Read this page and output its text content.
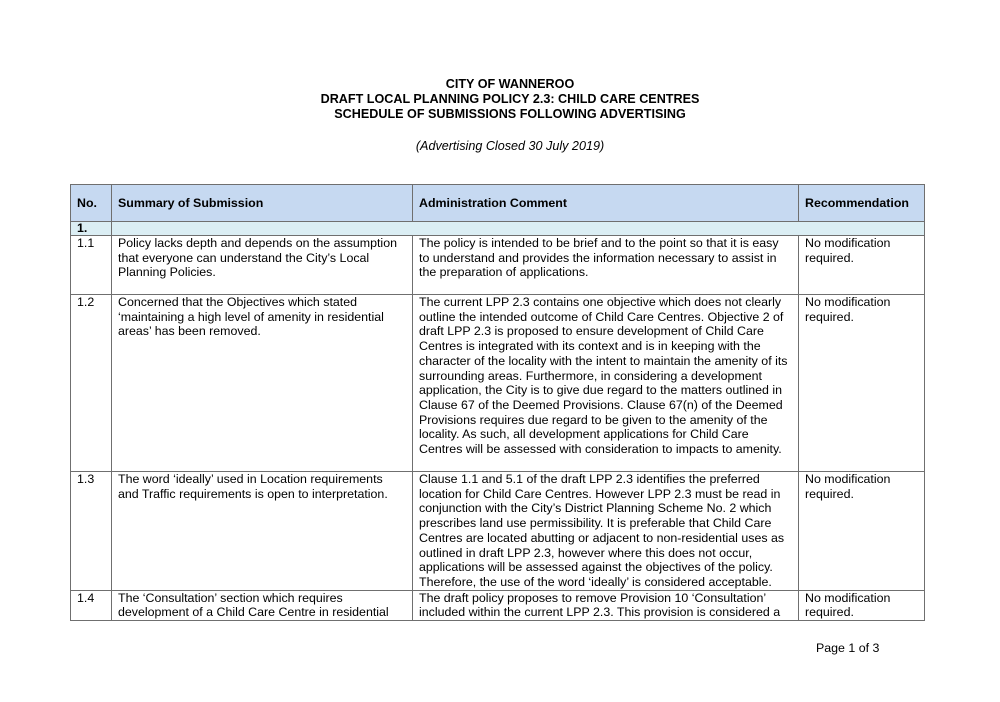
CITY OF WANNEROO
DRAFT LOCAL PLANNING POLICY 2.3: CHILD CARE CENTRES
SCHEDULE OF SUBMISSIONS FOLLOWING ADVERTISING
(Advertising Closed 30 July 2019)
No.	Summary of Submission	Administration Comment	Recommendation
1.			
1.1	Policy lacks depth and depends on the assumption that everyone can understand the City’s Local Planning Policies.	The policy is intended to be brief and to the point so that it is easy to understand and provides the information necessary to assist in the preparation of applications.	No modification required.
1.2	Concerned that the Objectives which stated ‘maintaining a high level of amenity in residential areas’ has been removed.	The current LPP 2.3 contains one objective which does not clearly outline the intended outcome of Child Care Centres. Objective 2 of draft LPP 2.3 is proposed to ensure development of Child Care Centres is integrated with its context and is in keeping with the character of the locality with the intent to maintain the amenity of its surrounding areas. Furthermore, in considering a development application, the City is to give due regard to the matters outlined in Clause 67 of the Deemed Provisions. Clause 67(n) of the Deemed Provisions requires due regard to be given to the amenity of the locality. As such, all development applications for Child Care Centres will be assessed with consideration to impacts to amenity.	No modification required.
1.3	The word ‘ideally’ used in Location requirements and Traffic requirements is open to interpretation.	Clause 1.1 and 5.1 of the draft LPP 2.3 identifies the preferred location for Child Care Centres. However LPP 2.3 must be read in conjunction with the City’s District Planning Scheme No. 2 which prescribes land use permissibility. It is preferable that Child Care Centres are located abutting or adjacent to non-residential uses as outlined in draft LPP 2.3, however where this does not occur, applications will be assessed against the objectives of the policy. Therefore, the use of the word ‘ideally’ is considered acceptable.	No modification required.
1.4	The ‘Consultation’ section which requires development of a Child Care Centre in residential	The draft policy proposes to remove Provision 10 ‘Consultation’ included within the current LPP 2.3. This provision is considered a	No modification required.
Page 1 of 3
